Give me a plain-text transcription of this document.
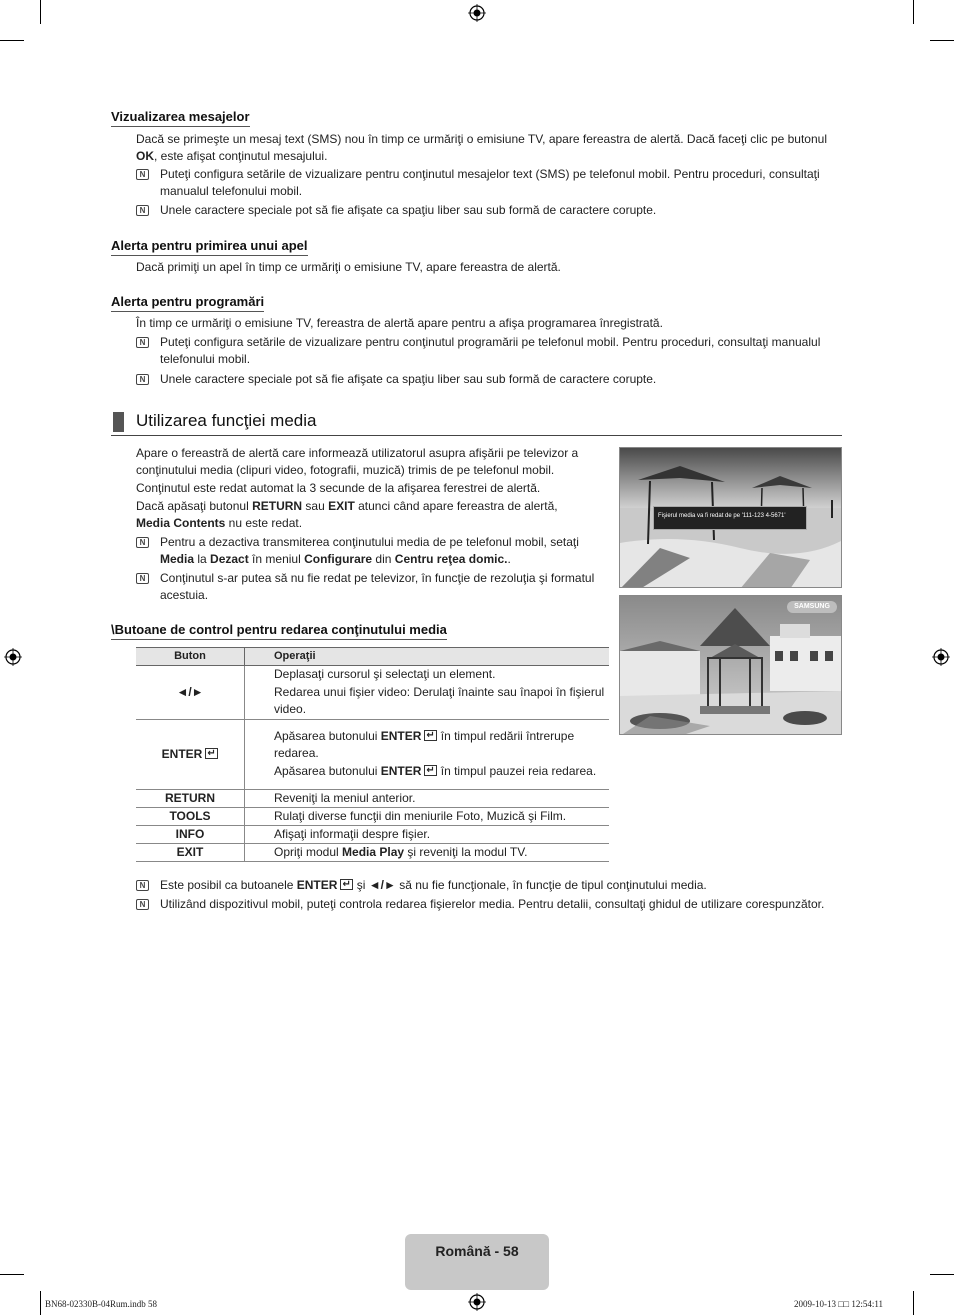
Vizualizarea mesajelor
Dacă se primeşte un mesaj text (SMS) nou în timp ce urmăriţi o emisiune TV, apare fereastra de alertă. Dacă faceţi clic pe butonul OK, este afişat conţinutul mesajului.
N	Puteţi configura setările de vizualizare pentru conţinutul mesajelor text (SMS) pe telefonul mobil. Pentru proceduri, consultaţi manualul telefonului mobil.
N	Unele caractere speciale pot să fie afişate ca spaţiu liber sau sub formă de caractere corupte.
Alerta pentru primirea unui apel
Dacă primiţi un apel în timp ce urmăriţi o emisiune TV, apare fereastra de alertă.
Alerta pentru programări
În timp ce urmăriţi o emisiune TV, fereastra de alertă apare pentru a afişa programarea înregistrată.
N	Puteţi configura setările de vizualizare pentru conţinutul programării pe telefonul mobil. Pentru proceduri, consultaţi manualul telefonului mobil.
N	Unele caractere speciale pot să fie afişate ca spaţiu liber sau sub formă de caractere corupte.
Utilizarea funcţiei media
Apare o fereastră de alertă care informează utilizatorul asupra afişării pe televizor a conţinutului media (clipuri video, fotografii, muzică) trimis de pe telefonul mobil.
Conţinutul este redat automat la 3 secunde de la afişarea ferestrei de alertă.
Dacă apăsaţi butonul RETURN sau EXIT atunci când apare fereastra de alertă, Media Contents nu este redat.
N	Pentru a dezactiva transmiterea conţinutului media de pe telefonul mobil, setaţi Media la Dezact în meniul Configurare din Centru reţea domic..
N	Conţinutul s-ar putea să nu fie redat pe televizor, în funcţie de rezoluţia şi formatul acestuia.
Fişierul media va fi redat de pe '111-123 4-5671'
SAMSUNG
\Butoane de control pentru redarea conţinutului media
Buton	Operaţii
◄/►	Deplasaţi cursorul şi selectaţi un element.

Redarea unui fişier video: Derulaţi înainte sau înapoi în fişierul video.

ENTER↵	Apăsarea butonului ENTER↵ în timpul redării întrerupe redarea.

Apăsarea butonului ENTER↵ în timpul pauzei reia redarea.

RETURN	Reveniţi la meniul anterior.
TOOLS	Rulaţi diverse funcţii din meniurile Foto, Muzică şi Film.
INFO	Afişaţi informaţii despre fişier.
EXIT	Opriţi modul Media Play şi reveniţi la modul TV.
N	Este posibil ca butoanele ENTER↵ şi ◄/► să nu fie funcţionale, în funcţie de tipul conţinutului media.
N	Utilizând dispozitivul mobil, puteţi controla redarea fişierelor media. Pentru detalii, consultaţi ghidul de utilizare corespunzător.
Română - 58
BN68-02330B-04Rum.indb 58	2009-10-13 □□ 12:54:11
